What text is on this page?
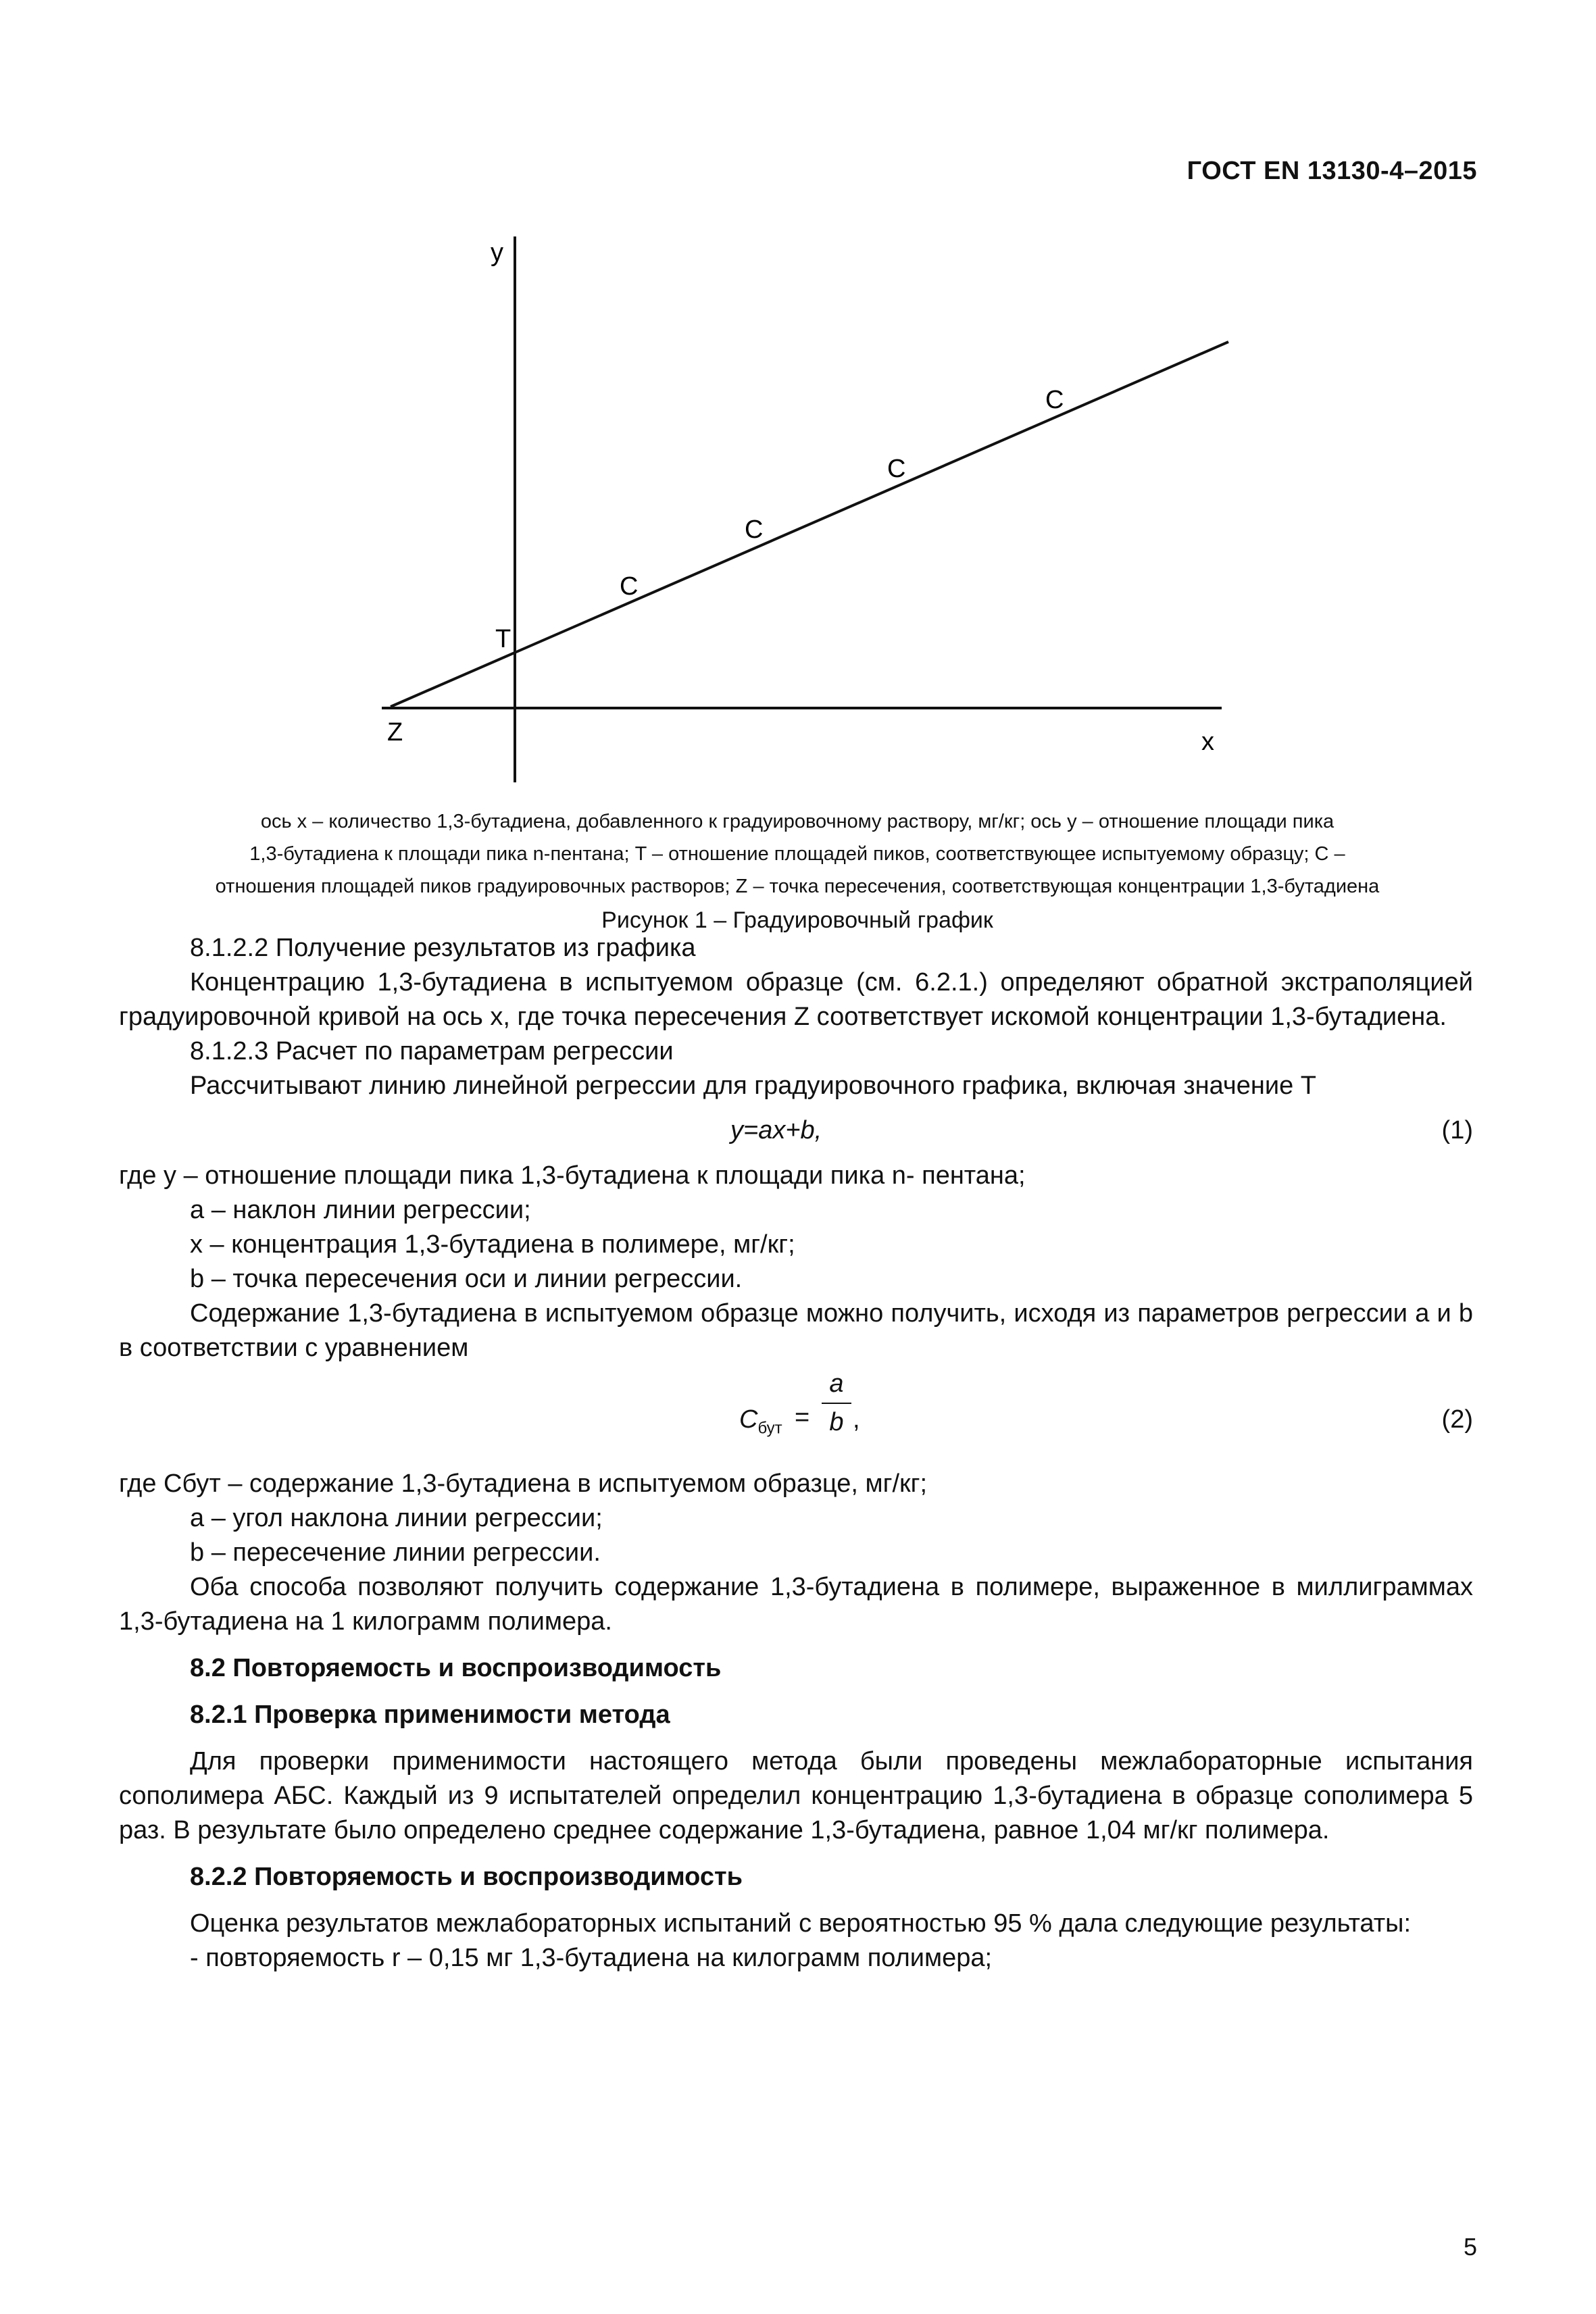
ГОСТ EN 13130-4–2015
y
x
Z
T
C
C
C
C
ось x – количество 1,3-бутадиена, добавленного к градуировочному раствору, мг/кг; ось y – отношение площади пика
1,3-бутадиена к площади пика n-пентана; T – отношение площадей пиков, соответствующее испытуемому образцу; C –
отношения площадей пиков градуировочных растворов; Z – точка пересечения, соответствующая концентрации 1,3-бутадиена
Рисунок 1 – Градуировочный график

8.1.2.2 Получение результатов из графика

Концентрацию 1,3-бутадиена в испытуемом образце (см. 6.2.1.) определяют обратной экстраполяцией градуировочной кривой на ось x, где точка пересечения Z соответствует искомой концентрации 1,3-бутадиена.

8.1.2.3 Расчет по параметрам регрессии

Рассчитывают линию линейной регрессии для градуировочного графика, включая значение T

y=ax+b,	(1)

где y – отношение площади пика 1,3-бутадиена к площади пика n- пентана;

a – наклон линии регрессии;

x – концентрация 1,3-бутадиена в полимере, мг/кг;

b – точка пересечения оси и линии регрессии.

Содержание 1,3-бутадиена в испытуемом образце можно получить, исходя из параметров регрессии a и b в соответствии с уравнением

$C_{бут}$ =
a
b ,	(2)

где Cбут – содержание 1,3-бутадиена в испытуемом образце, мг/кг;

a – угол наклона линии регрессии;

b – пересечение линии регрессии.

Оба способа позволяют получить содержание 1,3-бутадиена в полимере, выраженное в миллиграммах 1,3-бутадиена на 1 килограмм полимера.

8.2 Повторяемость и воспроизводимость

8.2.1 Проверка применимости метода

Для проверки применимости настоящего метода были проведены межлабораторные испытания сополимера АБС. Каждый из 9 испытателей определил концентрацию 1,3-бутадиена в образце сополимера 5 раз. В результате было определено среднее содержание 1,3-бутадиена, равное 1,04 мг/кг полимера.

8.2.2 Повторяемость и воспроизводимость

Оценка результатов межлабораторных испытаний с вероятностью 95 % дала следующие результаты:

- повторяемость r – 0,15 мг 1,3-бутадиена на килограмм полимера;

5
